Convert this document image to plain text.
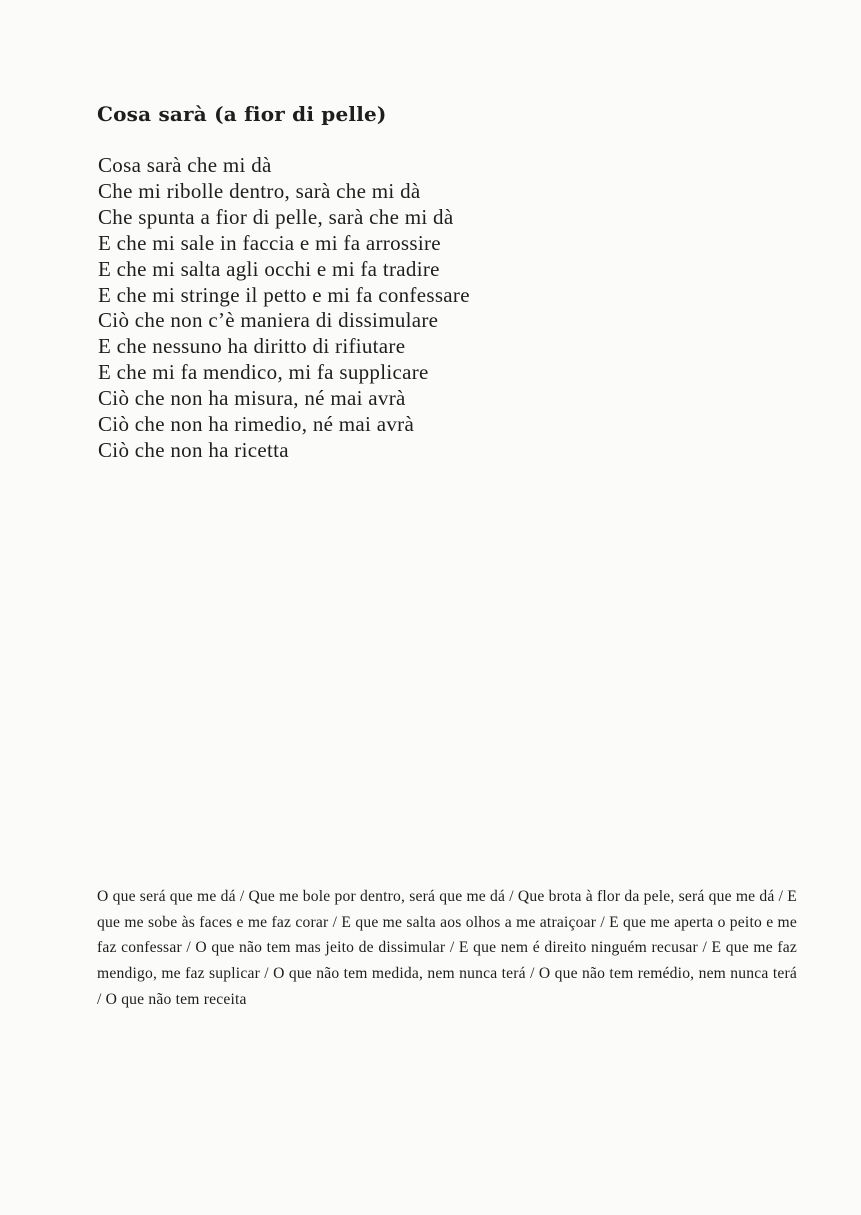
Cosa sarà (a fior di pelle)
Cosa sarà che mi dà
Che mi ribolle dentro, sarà che mi dà
Che spunta a fior di pelle, sarà che mi dà
E che mi sale in faccia e mi fa arrossire
E che mi salta agli occhi e mi fa tradire
E che mi stringe il petto e mi fa confessare
Ciò che non c’è maniera di dissimulare
E che nessuno ha diritto di rifiutare
E che mi fa mendico, mi fa supplicare
Ciò che non ha misura, né mai avrà
Ciò che non ha rimedio, né mai avrà
Ciò che non ha ricetta

O que será que me dá / Que me bole por dentro, será que me dá / Que brota à flor da pele, será que me dá / E que me sobe às faces e me faz corar / E que me salta aos olhos a me atraiçoar / E que me aperta o peito e me faz confessar / O que não tem mas jeito de dissimular / E que nem é direito ninguém recusar / E que me faz mendigo, me faz suplicar / O que não tem medida, nem nunca terá / O que não tem remédio, nem nunca terá / O que não tem receita
